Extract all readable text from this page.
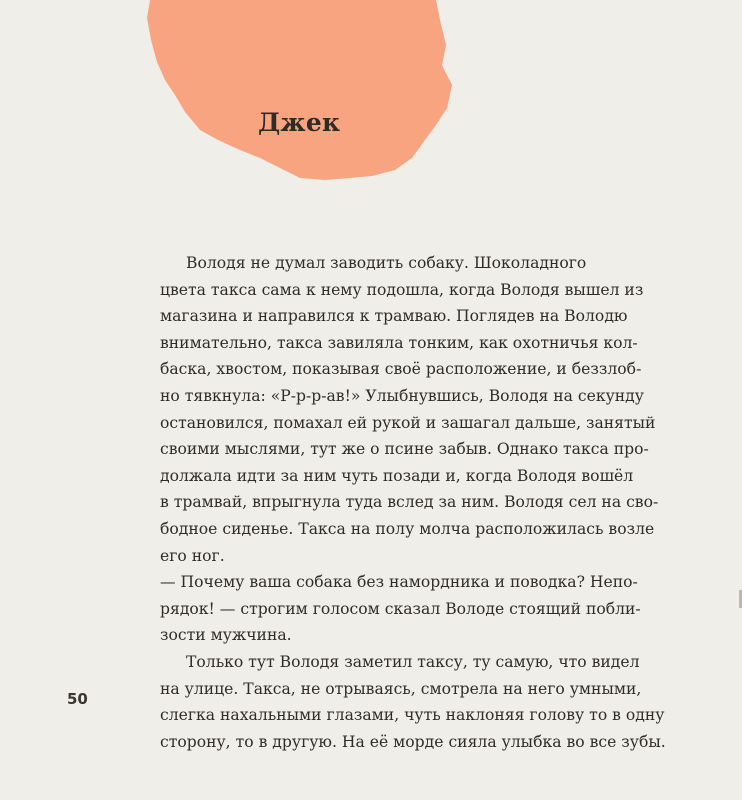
Джек
Володя не думал заводить собаку. Шоколадного
цвета такса сама к нему подошла, когда Володя вышел из
магазина и направился к трамваю. Поглядев на Володю
внимательно, такса завиляла тонким, как охотничья кол-
баска, хвостом, показывая своё расположение, и беззлоб-
но тявкнула: «Р-р-р-ав!» Улыбнувшись, Володя на секунду
остановился, помахал ей рукой и зашагал дальше, занятый
своими мыслями, тут же о псине забыв. Однако такса про-
должала идти за ним чуть позади и, когда Володя вошёл
в трамвай, впрыгнула туда вслед за ним. Володя сел на сво-
бодное сиденье. Такса на полу молча расположилась возле
его ног.
— Почему ваша собака без намордника и поводка? Непо-
рядок! — строгим голосом сказал Володе стоящий побли-
зости мужчина.
Только тут Володя заметил таксу, ту самую, что видел
на улице. Такса, не отрываясь, смотрела на него умными,
слегка нахальными глазами, чуть наклоняя голову то в одну
сторону, то в другую. На её морде сияла улыбка во все зубы.
50
